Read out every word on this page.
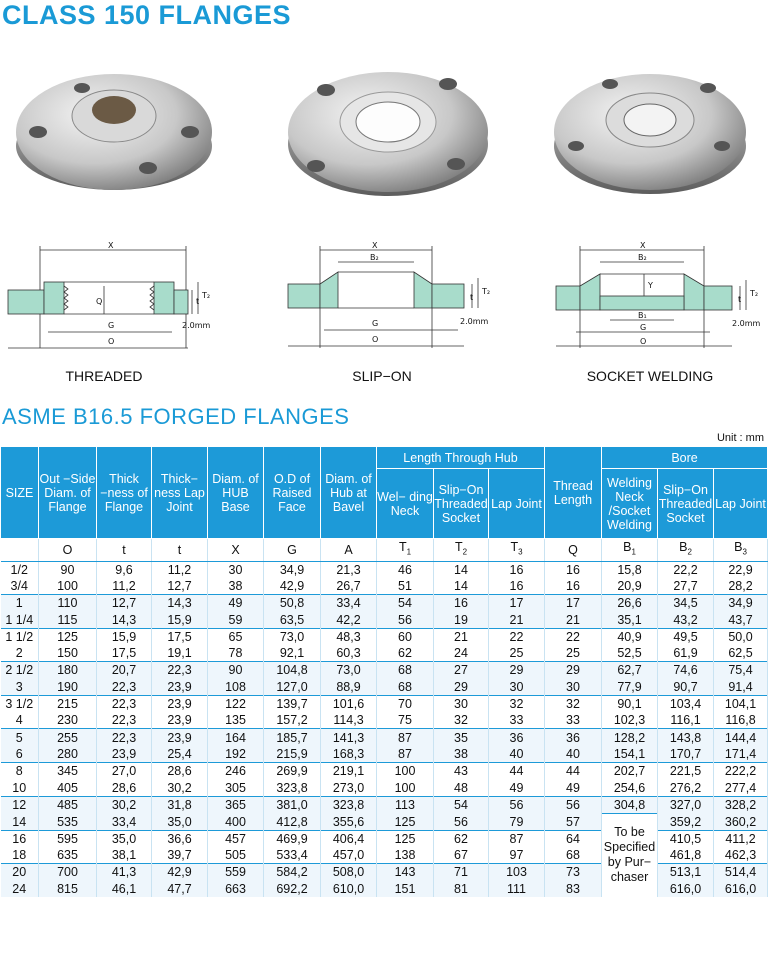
CLASS 150 FLANGES
X
G
O
Q	t
T₂
2.0mm
X
B₂
G
O
t
T₂
2.0mm
X
B₂
Y
B₁
G
O
t
T₂
2.0mm
THREADED	SLIP−ON	SOCKET WELDING
ASME B16.5 FORGED FLANGES
Unit : mm
SIZE	Out −Side Diam. of Flange	Thick −ness of Flange	Thick− ness Lap Joint	Diam. of HUB Base	O.D of Raised Face	Diam. of Hub at Bavel	Length Through Hub			Thread Length	Bore		
							Wel− ding Neck	Slip−On Threaded Socket	Lap Joint		Welding Neck /Socket Welding	Slip−On Threaded Socket	Lap Joint
	O	t	t	X	G	A	$T_1$	$T_2$	$T_3$	Q	$B_1$	$B_2$	$B_3$
1/2	90	9,6	11,2	30	34,9	21,3	46	14	16	16	15,8	22,2	22,9
3/4	100	11,2	12,7	38	42,9	26,7	51	14	16	16	20,9	27,7	28,2
1	110	12,7	14,3	49	50,8	33,4	54	16	17	17	26,6	34,5	34,9
1 1/4	115	14,3	15,9	59	63,5	42,2	56	19	21	21	35,1	43,2	43,7
1 1/2	125	15,9	17,5	65	73,0	48,3	60	21	22	22	40,9	49,5	50,0
2	150	17,5	19,1	78	92,1	60,3	62	24	25	25	52,5	61,9	62,5
2 1/2	180	20,7	22,3	90	104,8	73,0	68	27	29	29	62,7	74,6	75,4
3	190	22,3	23,9	108	127,0	88,9	68	29	30	30	77,9	90,7	91,4
3 1/2	215	22,3	23,9	122	139,7	101,6	70	30	32	32	90,1	103,4	104,1
4	230	22,3	23,9	135	157,2	114,3	75	32	33	33	102,3	116,1	116,8
5	255	22,3	23,9	164	185,7	141,3	87	35	36	36	128,2	143,8	144,4
6	280	23,9	25,4	192	215,9	168,3	87	38	40	40	154,1	170,7	171,4
8	345	27,0	28,6	246	269,9	219,1	100	43	44	44	202,7	221,5	222,2
10	405	28,6	30,2	305	323,8	273,0	100	48	49	49	254,6	276,2	277,4
12	485	30,2	31,8	365	381,0	323,8	113	54	56	56	304,8	327,0	328,2
14	535	33,4	35,0	400	412,8	355,6	125	56	79	57	To be Specified by Pur− chaser	359,2	360,2
16	595	35,0	36,6	457	469,9	406,4	125	62	87	64		410,5	411,2
18	635	38,1	39,7	505	533,4	457,0	138	67	97	68		461,8	462,3
20	700	41,3	42,9	559	584,2	508,0	143	71	103	73		513,1	514,4
24	815	46,1	47,7	663	692,2	610,0	151	81	111	83		616,0	616,0
